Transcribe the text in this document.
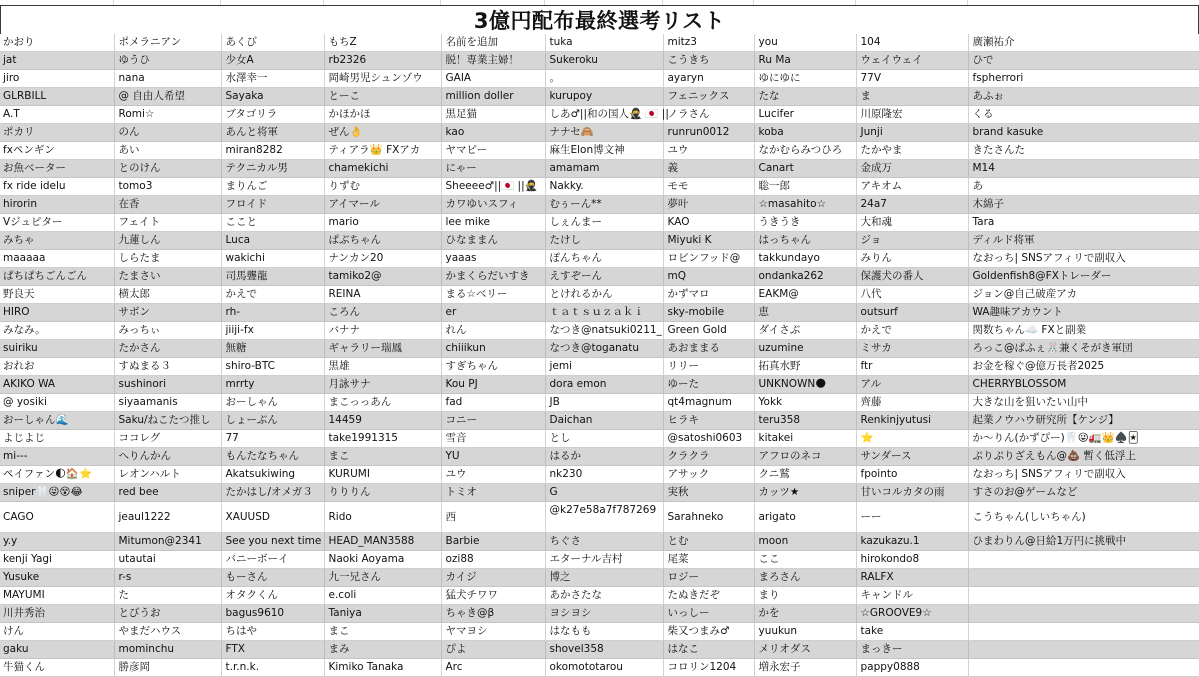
3億円配布最終選考リスト
かおり	ポメラニアン	あくび	もちZ	名前を追加	tuka	mitz3	you	104	廣瀬祐介
jat	ゆうひ	少女A	rb2326	脱！専業主婦！	Sukeroku	こうきち	Ru Ma	ウェイウェイ	ひで
jiro	nana	水澤幸一	岡崎男児シュンゾウ	GAIA	。	ayaryn	ゆにゆに	77V	fspherrori
GLRBILL	@ 自由人希望	Sayaka	とーこ	million doller	kurupoy	フェニックス	たな	ま	あふぉ
A.T	Romi☆	ブタゴリラ	かほかほ	黒足猫	しあ♂||和の国人🥷 🇯🇵 ||	ノラさん	Lucifer	川原隆宏	くる
ポカリ	のん	あんと将軍	ぜん👌	kao	ナナセ🙈	runrun0012	koba	Junji	brand kasuke
fxペンギン	あい	miran8282	ティアラ👑 FXアカ	ヤマピー	麻生Elon博文神	ユウ	なかむらみつひろ	たかやま	きたさんた
お魚ベーター	とのけん	テクニカル男	chamekichi	にゃー	amamam	義	Canart	金成万	M14
fx ride idelu	tomo3	まりんご	りずむ	Sheeee♂||🇯🇵 ||🥷	Nakky.	モモ	聡一郎	アキオム	あ
hirorin	在香	フロイド	アイマール	カワゆいスフィ	むぅーん**	夢叶	☆masahito☆	24a7	木綿子
Vジュピター	フェイト	ここと	mario	lee mike	しぇんまー	KAO	うきうき	大和魂	Tara
みちゃ	九蓮しん	Luca	ぱぶちゃん	ひなままん	たけし	Miyuki K	はっちゃん	ジョ	ディルド将軍
maaaaa	しらたま	wakichi	ナンカン20	yaaas	ぽんちゃん	ロビンフッド@	takkundayo	みりん	なおっち| SNSアフィリで副収入
ぱちぱちごんごん	たまさい	司馬聾龍	tamiko2@	かまくらだいすき	えすぞーん	mQ	ondanka262	保護犬の番人	Goldenfish8@FXトレーダー
野良天	横太郎	かえで	REINA	まる☆ベリー	とけれるかん	かずマロ	EAKM@	八代	ジョン@自己破産アカ
HIRO	サボン	rh-	ころん	er	ｔａｔｓｕｚａｋｉ	sky-mobile	恵	outsurf	WA趣味アカウント
みなみ。	みっちぃ	jiiji-fx	バナナ	れん	なつき@natsuki0211_	Green Gold	ダイさぶ	かえで	関数ちゃん☁️ FXと副業
suiriku	たかさん	無糖	ギャラリー瑞鳳	chiiikun	なつき@toganatu	あおままる	uzumine	ミサカ	ろっこ@ぱふぇ🐰兼くそがき軍団
おれお	すぬまる３	shiro-BTC	黒雄	すぎちゃん	jemi	リリー	拓真水野	ftr	お金を稼ぐ@億万長者2025
AKIKO WA	sushinori	mrrty	月詠サナ	Kou PJ	dora emon	ゆーた	UNKNOWN🌑	アル	CHERRYBLOSSOM
@ yosiki	siyaamanis	おーしゃん	まこっっあん	fad	JB	qt4magnum	Yokk	齊藤	大きな山を狙いたい山中
おーしゃん🌊	Saku/ねこたつ推し	しょーぶん	14459	コニー	Daichan	ヒラキ	teru358	Renkinjyutusi	起業ノウハウ研究所【ケンジ】
よじよじ	ココレグ	77	take1991315	雪音	とし	@satoshi0603	kitakei	⭐	か〜りん(かずぴー)🦷😜🚛👑♠️🃏
mi---	へりんかん	もんたなちゃん	まこ	YU	はるか	クラクラ	アフロのネコ	サンダース	ぷりぷりざえもん@💩 暫く低浮上
ペイファン🌓🏠⭐	レオンハルト	Akatsukiwing	KURUMI	ユウ	nk230	アサック	クニ鷲	fpointo	なおっち| SNSアフィリで副収入
sniper🦷😜😵😂	red bee	たかはし/オメガ３	りりりん	トミオ	G	実秋	カッツ★	甘いコルカタの雨	すさのお@ゲームなど
CAGO	jeaul1222	XAUUSD	Rido	西	@k27e58a7f787269	Sarahneko	arigato	ーー	こうちゃん(しいちゃん)
y.y	Mitumon@2341	See you next time	HEAD_MAN3588	Barbie	ちぐさ	とむ	moon	kazukazu.1	ひまわりん@日給1万円に挑戦中
kenji Yagi	utautai	バニーボーイ	Naoki Aoyama	ozi88	エターナル吉村	尾菜	ここ	hirokondo8	
Yusuke	r-s	もーさん	九一兄さん	カイジ	博之	ロジー	まろさん	RALFX	
MAYUMI	た	オタクくん	e.coli	猛犬チワワ	あかさたな	たぬきだぞ	まり	キャンドル	
川井秀治	とびうお	bagus9610	Taniya	ちゃき@β	ヨシヨシ	いっしー	かを	☆GROOVE9☆	
けん	やまだハウス	ちはや	まこ	ヤマヨシ	はなもも	柴又つまみ♂	yuukun	take	
gaku	mominchu	FTX	まみ	ぴよ	shovel358	はなこ	メリオダス	まっきー	
牛猫くん	勝彦岡	t.r.n.k.	Kimiko Tanaka	Arc	okomototarou	コロリン1204	増永宏子	pappy0888	
